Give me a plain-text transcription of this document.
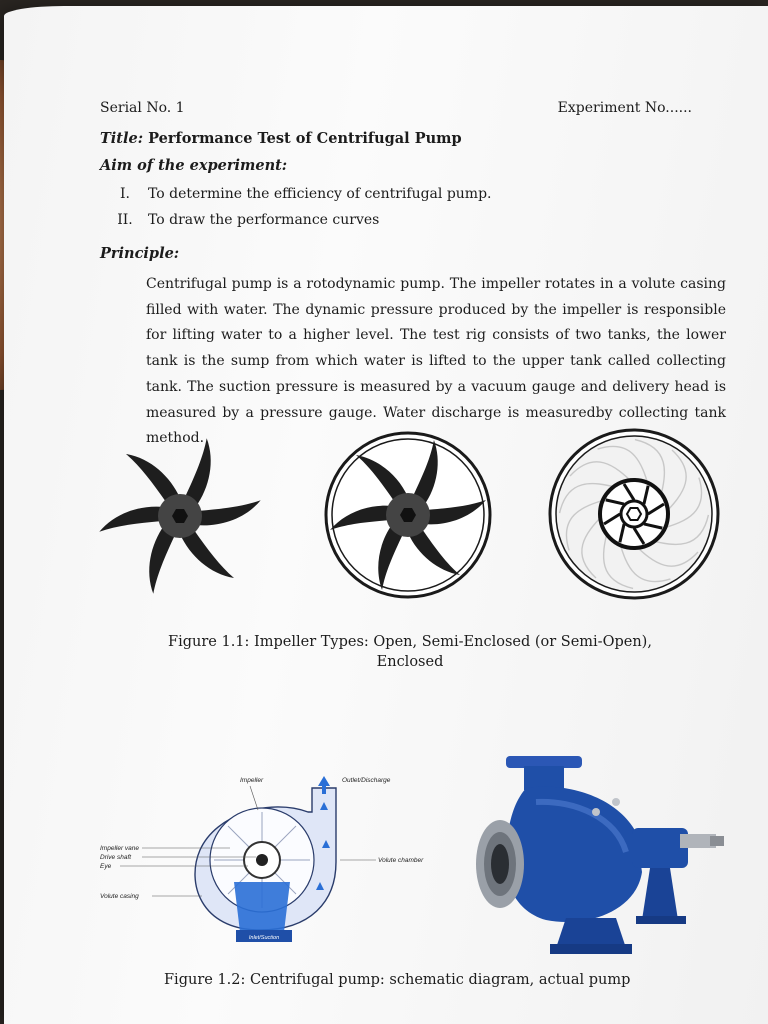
Serial No. 1	Experiment No......
Title: Performance Test of Centrifugal Pump
Aim of the experiment:
I.	To determine the efficiency of centrifugal pump.
II.	To draw the performance curves
Principle:

Centrifugal pump is a rotodynamic pump. The impeller rotates in a volute casing filled with water. The dynamic pressure produced by the impeller is responsible for lifting water to a higher level. The test rig consists of two tanks, the lower tank is the sump from which water is lifted to the upper tank called collecting tank. The suction pressure is measured by a vacuum gauge and delivery head is measured by a pressure gauge. Water discharge is measuredby collecting tank method.

Figure 1.1: Impeller Types: Open, Semi-Enclosed (or Semi-Open),
Enclosed
Inlet/Suction
Impeller	Outlet/Discharge
Impeller vane
Drive shaft
Eye
Volute chamber
Volute casing
Figure 1.2: Centrifugal pump: schematic diagram, actual pump
